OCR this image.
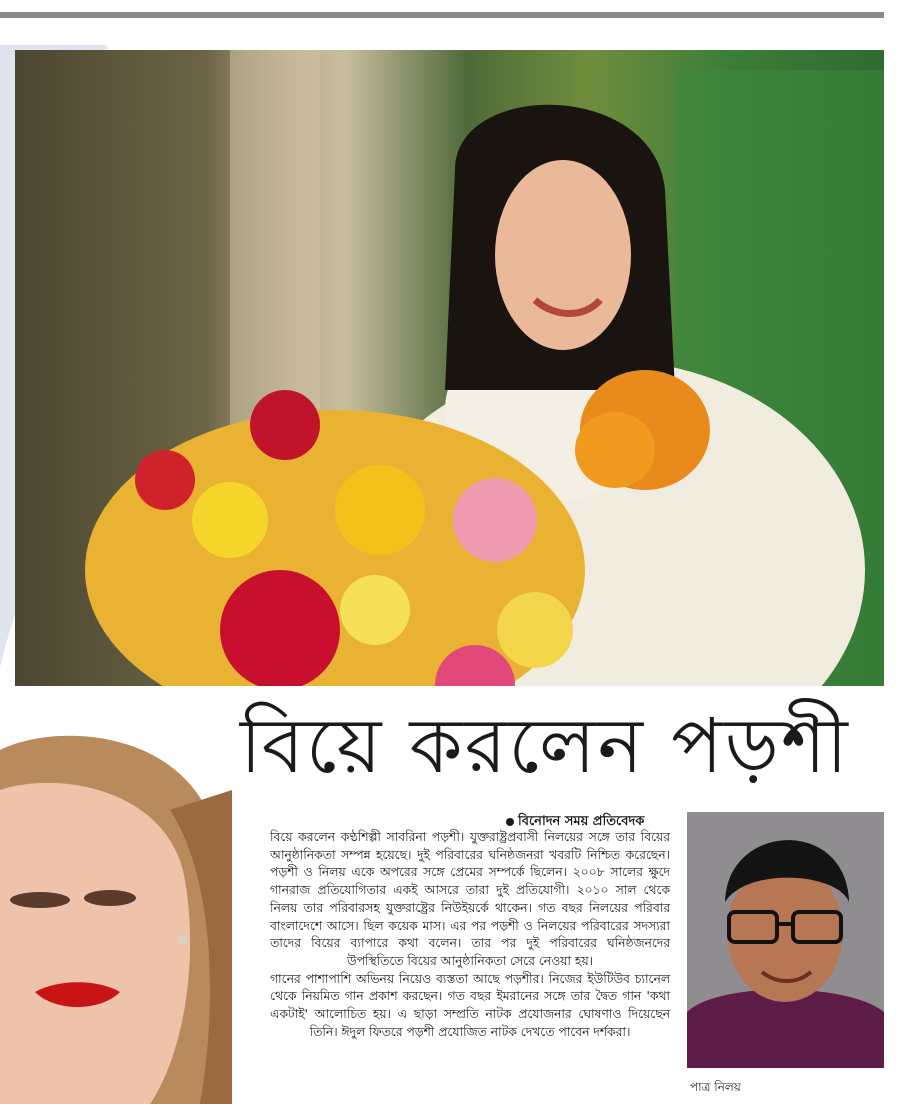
বিয়ে করলেন পড়শী
বিনোদন সময় প্রতিবেদক

বিয়ে করলেন কণ্ঠশিল্পী সাবরিনা পড়শী। যুক্তরাষ্ট্রপ্রবাসী নিলয়ের সঙ্গে তার বিয়ের আনুষ্ঠানিকতা সম্পন্ন হয়েছে। দুই পরিবারের ঘনিষ্ঠজনরা খবরটি নিশ্চিত করেছেন। পড়শী ও নিলয় একে অপরের সঙ্গে প্রেমের সম্পর্কে ছিলেন। ২০০৮ সালের ক্ষুদে গানরাজ প্রতিযোগিতার একই আসরে তারা দুই প্রতিযোগী। ২০১০ সাল থেকে নিলয় তার পরিবারসহ যুক্তরাষ্ট্রের নিউইয়র্কে থাকেন। গত বছর নিলয়ের পরিবার বাংলাদেশে আসে। ছিল কয়েক মাস। এর পর পড়শী ও নিলয়ের পরিবারের সদস্যরা তাদের বিয়ের ব্যাপারে কথা বলেন। তার পর দুই পরিবারের ঘনিষ্ঠজনদের উপস্থিতিতে বিয়ের আনুষ্ঠানিকতা সেরে নেওয়া হয়।

গানের পাশাপাশি অভিনয় নিয়েও ব্যস্ততা আছে পড়শীর। নিজের ইউটিউব চ্যানেল থেকে নিয়মিত গান প্রকাশ করছেন। গত বছর ইমরানের সঙ্গে তার দ্বৈত গান 'কথা একটাই' আলোচিত হয়। এ ছাড়া সম্প্রতি নাটক প্রযোজনার ঘোষণাও দিয়েছেন তিনি। ঈদুল ফিতরে পড়শী প্রযোজিত নাটক দেখতে পাবেন দর্শকরা।

পাত্র নিলয়
